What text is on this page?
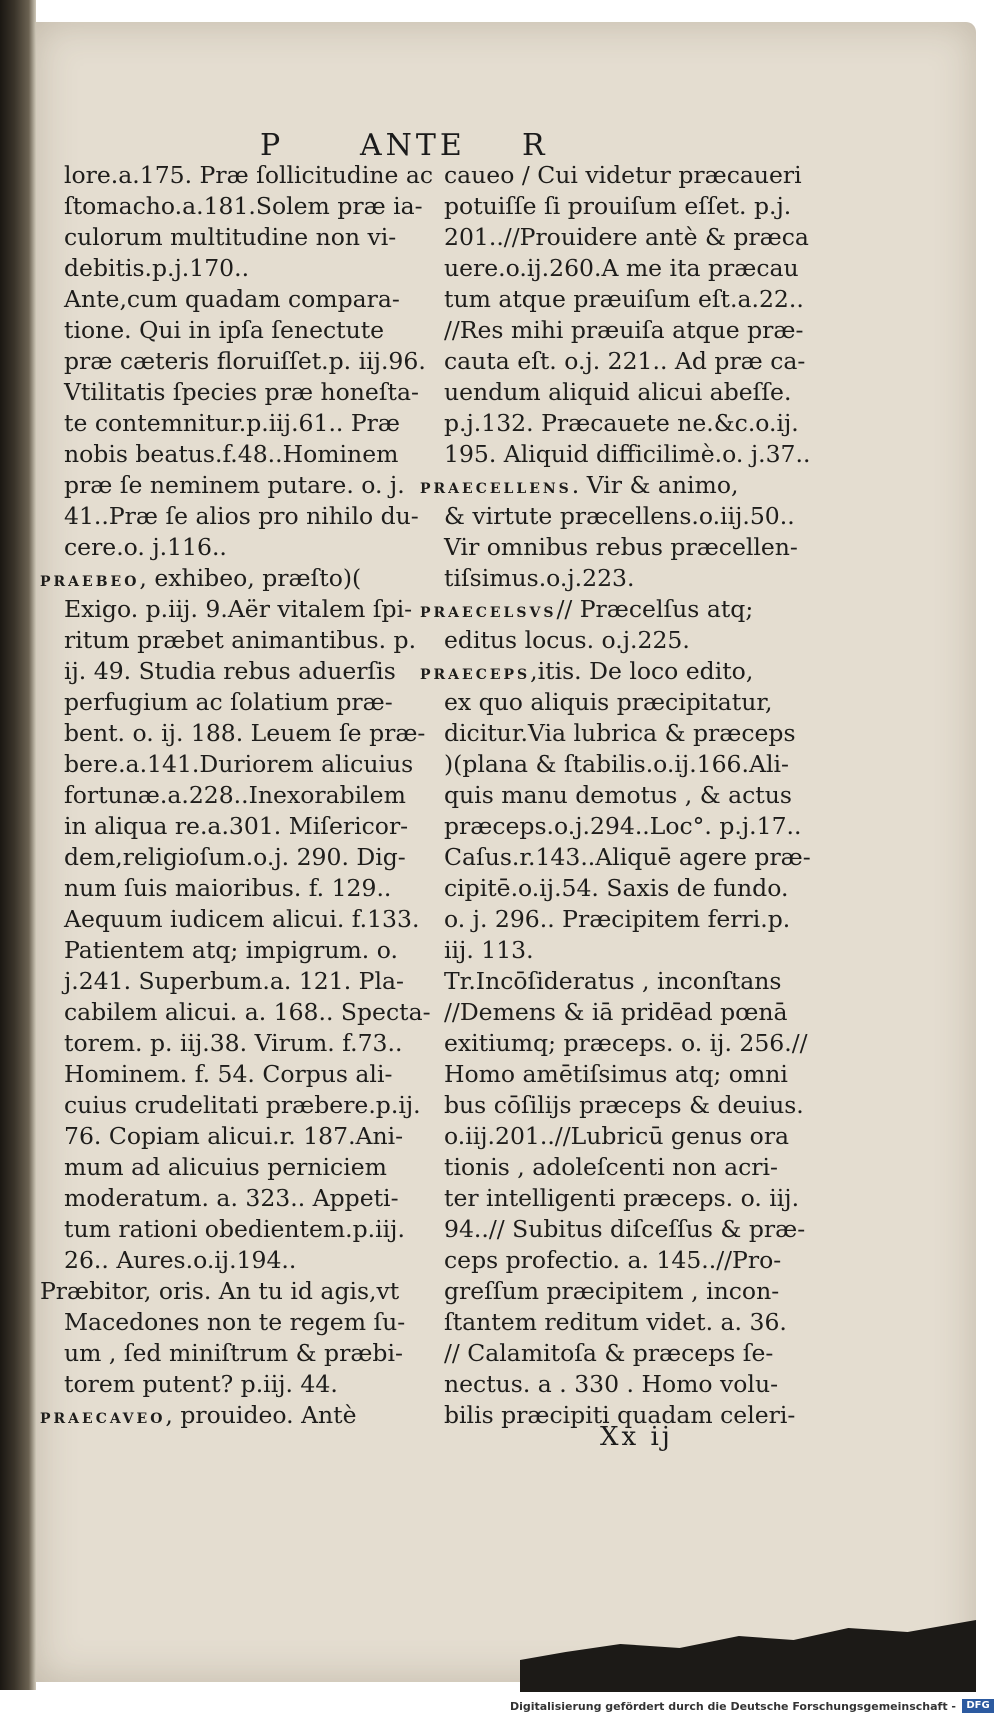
P	ANTE R
lore.a.175. Præ ſollicitudine ac
ſtomacho.a.181.Solem præ ia-
culorum multitudine non vi-
debitis.p.j.170..
Ante,cum quadam compara-
tione. Qui in ipſa ſenectute
præ cæteris floruiſſet.p. iij.96.
Vtilitatis ſpecies præ honeſta-
te contemnitur.p.iij.61.. Præ
nobis beatus.f.48..Hominem
præ ſe neminem putare. o. j.
41..Præ ſe alios pro nihilo du-
cere.o. j.116..
PRAEBEO, exhibeo, præſto)(
Exigo. p.iij. 9.Aër vitalem ſpi-
ritum præbet animantibus. p.
ij. 49. Studia rebus aduerſis
perfugium ac ſolatium præ-
bent. o. ij. 188. Leuem ſe præ-
bere.a.141.Duriorem alicuius
fortunæ.a.228..Inexorabilem
in aliqua re.a.301. Miſericor-
dem,religioſum.o.j. 290. Dig-
num ſuis maioribus. f. 129..
Aequum iudicem alicui. f.133.
Patientem atq; impigrum. o.
j.241. Superbum.a. 121. Pla-
cabilem alicui. a. 168.. Specta-
torem. p. iij.38. Virum. f.73..
Hominem. f. 54. Corpus ali-
cuius crudelitati præbere.p.ij.
76. Copiam alicui.r. 187.Ani-
mum ad alicuius perniciem
moderatum. a. 323.. Appeti-
tum rationi obedientem.p.iij.
26.. Aures.o.ij.194..
Præbitor, oris. An tu id agis,vt
Macedones non te regem ſu-
um , ſed miniſtrum & præbi-
torem putent? p.iij. 44.
PRAECAVEO, prouideo. Antè
caueo / Cui videtur præcaueri
potuiſſe ſi prouiſum eſſet. p.j.
201..//Prouidere antè & præca
uere.o.ij.260.A me ita præcau
tum atque præuiſum eſt.a.22..
//Res mihi præuiſa atque præ-
cauta eſt. o.j. 221.. Ad præ ca-
uendum aliquid alicui abeſſe.
p.j.132. Præcauete ne.&c.o.ij.
195. Aliquid difficilimè.o. j.37..
PRAECELLENS. Vir & animo,
& virtute præcellens.o.iij.50..
Vir omnibus rebus præcellen-
tiſsimus.o.j.223.
PRAECELSVS// Præcelſus atq;
editus locus. o.j.225.
PRAECEPS,itis. De loco edito,
ex quo aliquis præcipitatur,
dicitur.Via lubrica & præceps
)(plana & ſtabilis.o.ij.166.Ali-
quis manu demotus , & actus
præceps.o.j.294..Loc°. p.j.17..
Caſus.r.143..Aliquē agere præ-
cipitē.o.ij.54. Saxis de fundo.
o. j. 296.. Præcipitem ferri.p.
iij. 113.
Tr.Incōſideratus , inconſtans
//Demens & iā pridēad pœnā
exitiumq; præceps. o. ij. 256.//
Homo amētiſsimus atq; omni
bus cōſilijs præceps & deuius.
o.iij.201..//Lubricū genus ora
tionis , adoleſcenti non acri-
ter intelligenti præceps. o. iij.
94..// Subitus diſceſſus & præ-
ceps profectio. a. 145..//Pro-
greſſum præcipitem , incon-
ſtantem reditum videt. a. 36.
// Calamitoſa & præceps ſe-
nectus. a . 330 . Homo volu-
bilis præcipiti quadam celeri-
Xx ij
Digitalisierung gefördert durch die Deutsche Forschungsgemeinschaft -	DFG
